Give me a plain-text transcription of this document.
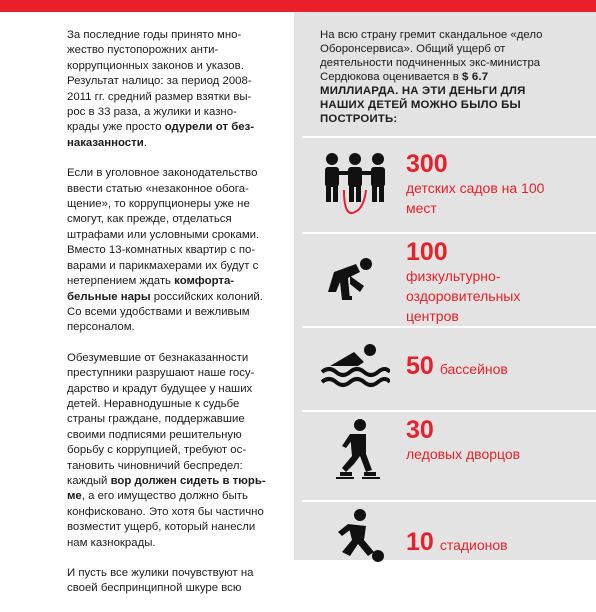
За последние годы принято мно-жество пустопорожних анти-коррупционных законов и указов. Результат налицо: за период 2008-2011 гг. средний размер взятки вы-рос в 33 раза, а жулики и казно-крады уже просто одурели от без-наказанности.

Если в уголовное законодательство ввести статью «незаконное обога-щение», то коррупционеры уже не смогут, как прежде, отделаться штрафами или условными сроками. Вместо 13-комнатных квартир с по-варами и парикмахерами их будут с нетерпением ждать комфорта-бельные нары российских колоний. Со всеми удобствами и вежливым персоналом.

Обезумевшие от безнаказанности преступники разрушают наше госу-дарство и крадут будущее у наших детей. Неравнодушные к судьбе страны граждане, поддержавшие своими подписями решительную борьбу с коррупцией, требуют ос-тановить чиновничий беспредел: каждый вор должен сидеть в тюрь-ме, а его имущество должно быть конфисковано. Это хотя бы частично возместит ущерб, который нанесли нам казнокрады.

И пусть все жулики почувствуют на своей беспринципной шкуре всю

На всю страну гремит скандальное «дело Оборонсервиса». Общий ущерб от деятельности подчиненных экс-министра Сердюкова оценивается в $ 6.7 МИЛЛИАРДА. НА ЭТИ ДЕНЬГИ ДЛЯ НАШИХ ДЕТЕЙ МОЖНО БЫЛО БЫ ПОСТРОИТЬ:
300
детских садов на 100 мест
100
физкультурно-оздоровительных центров
50 бассейнов
30
ледовых дворцов
10 стадионов
